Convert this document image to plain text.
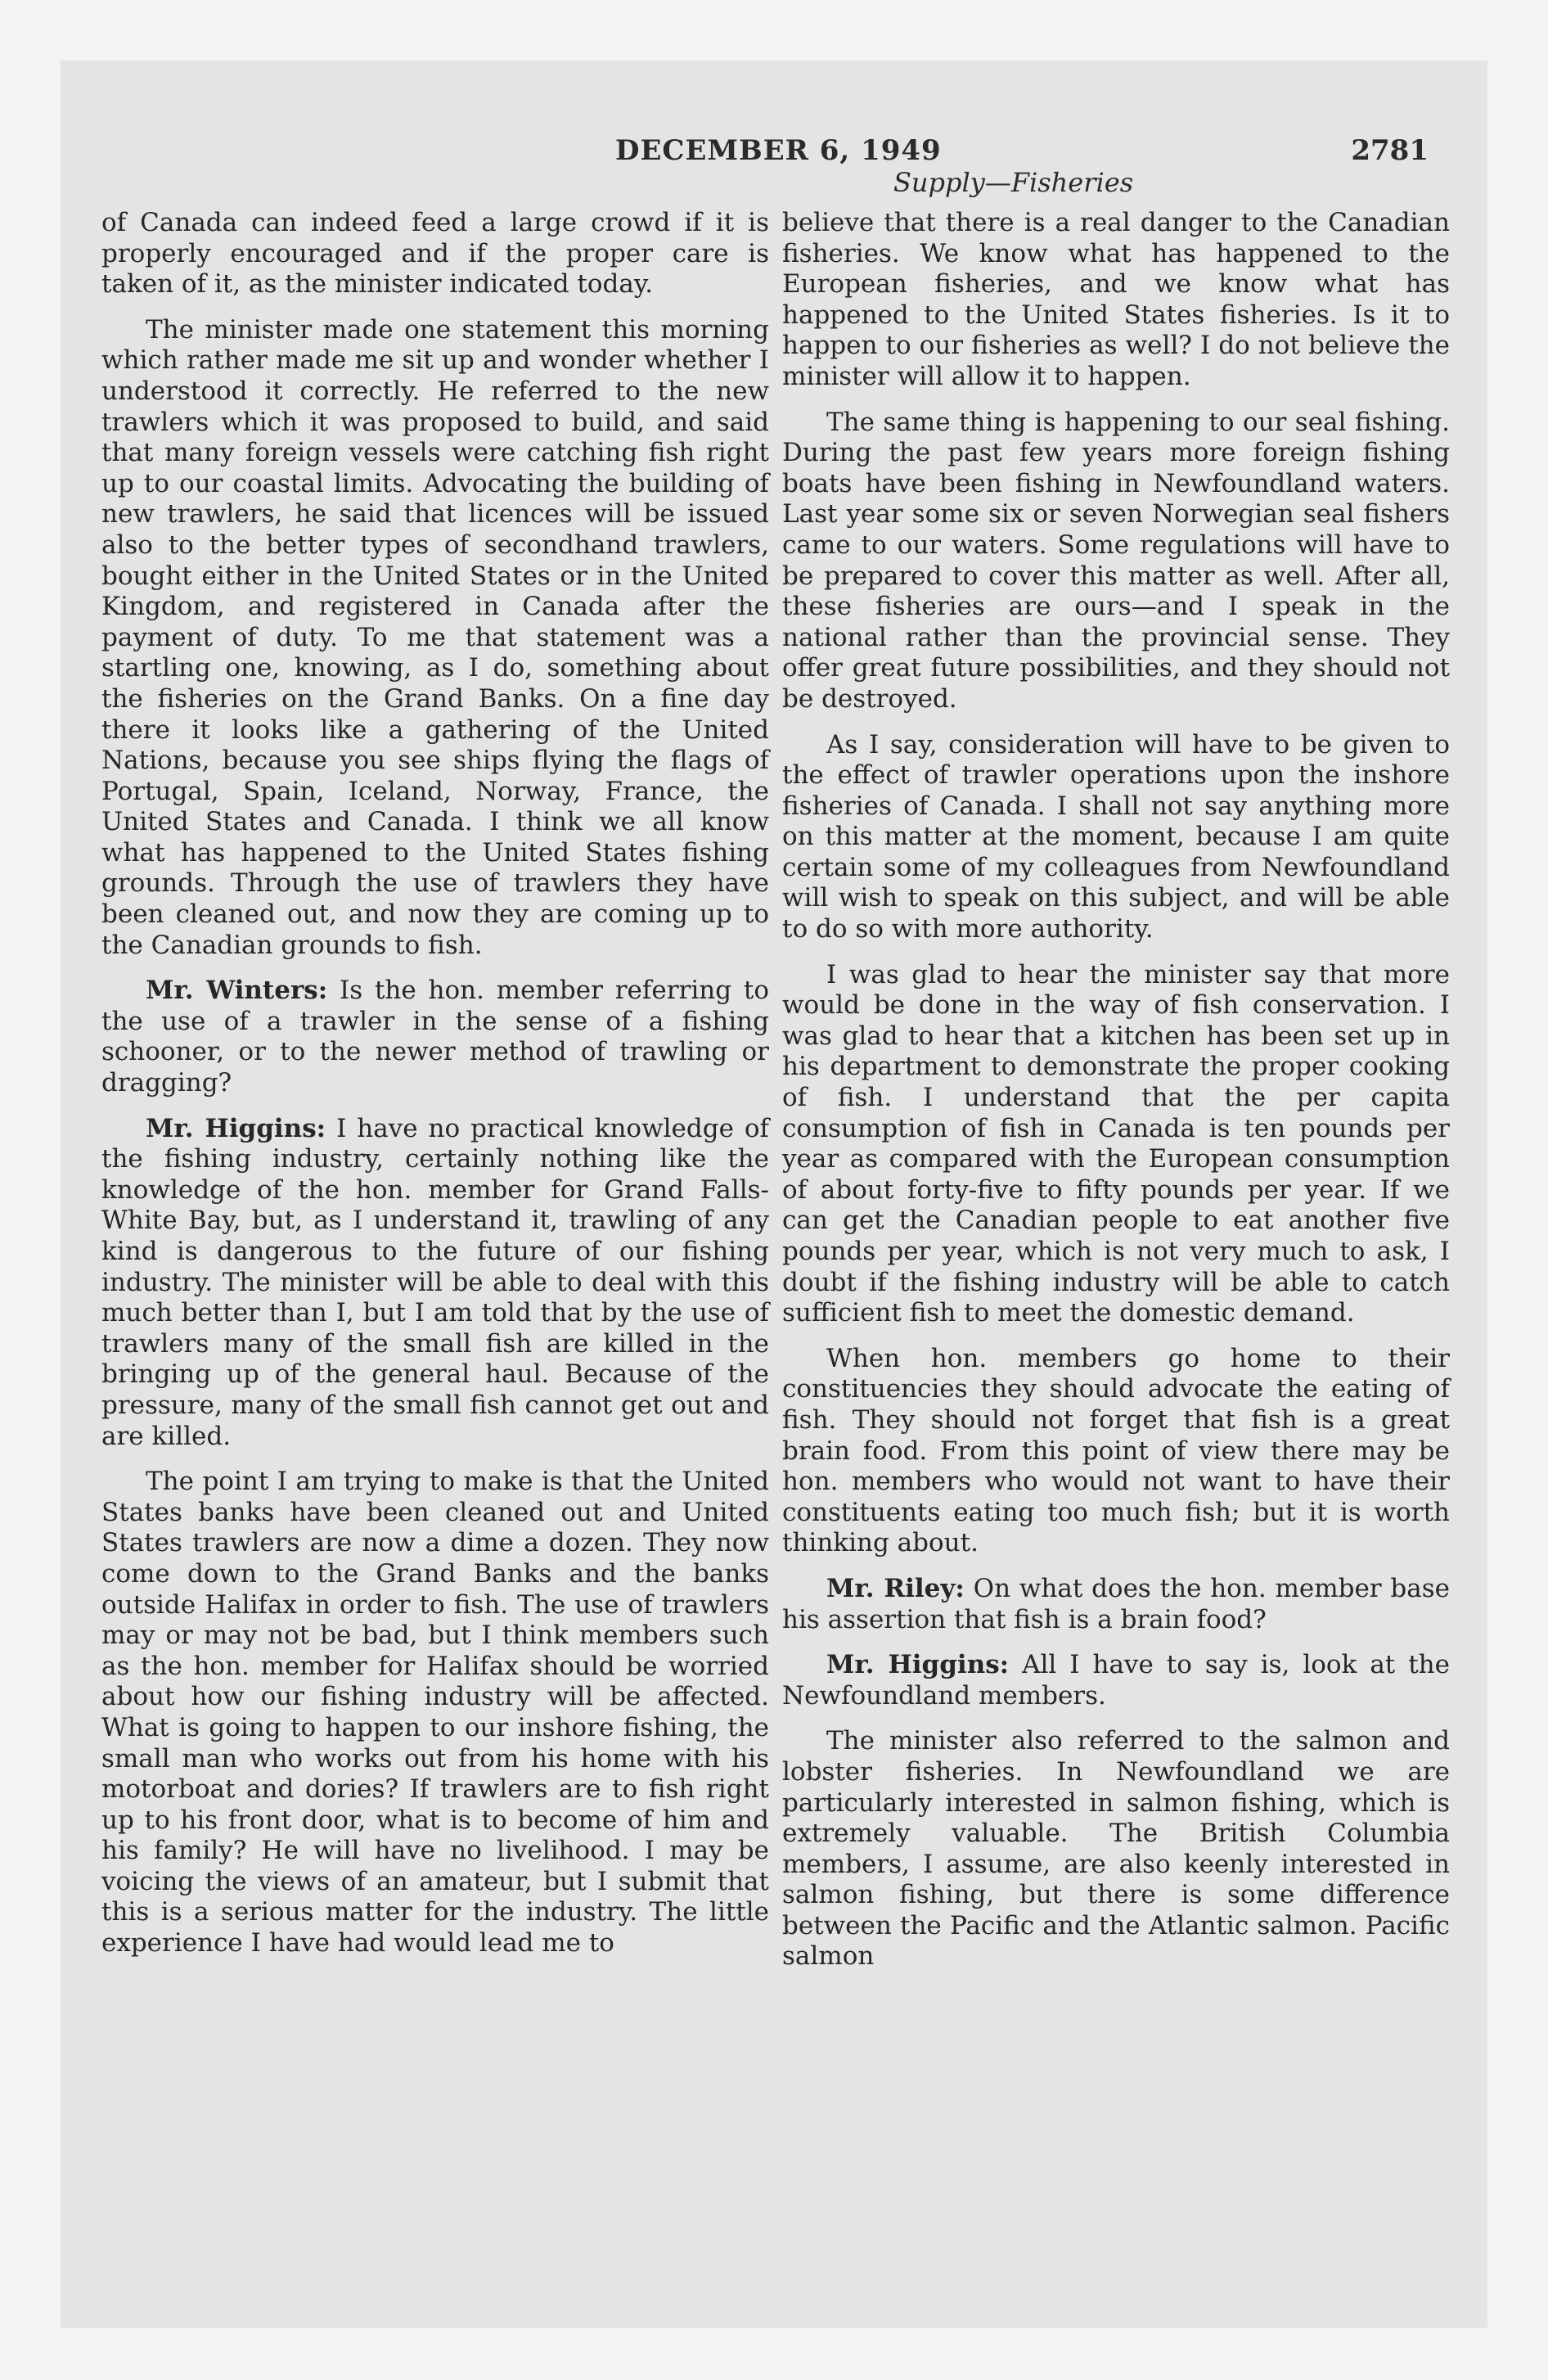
DECEMBER 6, 1949	2781
Supply—Fisheries

of Canada can indeed feed a large crowd if it is properly encouraged and if the proper care is taken of it, as the minister indicated today.

The minister made one statement this morning which rather made me sit up and wonder whether I understood it correctly. He referred to the new trawlers which it was proposed to build, and said that many foreign vessels were catching fish right up to our coastal limits. Advocating the building of new trawlers, he said that licences will be issued also to the better types of secondhand trawlers, bought either in the United States or in the United Kingdom, and registered in Canada after the payment of duty. To me that statement was a startling one, knowing, as I do, something about the fisheries on the Grand Banks. On a fine day there it looks like a gathering of the United Nations, because you see ships flying the flags of Portugal, Spain, Iceland, Norway, France, the United States and Canada. I think we all know what has happened to the United States fishing grounds. Through the use of trawlers they have been cleaned out, and now they are coming up to the Canadian grounds to fish.

Mr. Winters: Is the hon. member referring to the use of a trawler in the sense of a fishing schooner, or to the newer method of trawling or dragging?

Mr. Higgins: I have no practical knowledge of the fishing industry, certainly nothing like the knowledge of the hon. member for Grand Falls-White Bay, but, as I understand it, trawling of any kind is dangerous to the future of our fishing industry. The minister will be able to deal with this much better than I, but I am told that by the use of trawlers many of the small fish are killed in the bringing up of the general haul. Because of the pressure, many of the small fish cannot get out and are killed.

The point I am trying to make is that the United States banks have been cleaned out and United States trawlers are now a dime a dozen. They now come down to the Grand Banks and the banks outside Halifax in order to fish. The use of trawlers may or may not be bad, but I think members such as the hon. member for Halifax should be worried about how our fishing industry will be affected. What is going to happen to our inshore fishing, the small man who works out from his home with his motorboat and dories? If trawlers are to fish right up to his front door, what is to become of him and his family? He will have no livelihood. I may be voicing the views of an amateur, but I submit that this is a serious matter for the industry. The little experience I have had would lead me to

believe that there is a real danger to the Canadian fisheries. We know what has happened to the European fisheries, and we know what has happened to the United States fisheries. Is it to happen to our fisheries as well? I do not believe the minister will allow it to happen.

The same thing is happening to our seal fishing. During the past few years more foreign fishing boats have been fishing in Newfoundland waters. Last year some six or seven Norwegian seal fishers came to our waters. Some regulations will have to be prepared to cover this matter as well. After all, these fisheries are ours—and I speak in the national rather than the provincial sense. They offer great future possibilities, and they should not be destroyed.

As I say, consideration will have to be given to the effect of trawler operations upon the inshore fisheries of Canada. I shall not say anything more on this matter at the moment, because I am quite certain some of my colleagues from Newfoundland will wish to speak on this subject, and will be able to do so with more authority.

I was glad to hear the minister say that more would be done in the way of fish conservation. I was glad to hear that a kitchen has been set up in his department to demonstrate the proper cooking of fish. I understand that the per capita consumption of fish in Canada is ten pounds per year as compared with the European consumption of about forty-five to fifty pounds per year. If we can get the Canadian people to eat another five pounds per year, which is not very much to ask, I doubt if the fishing industry will be able to catch sufficient fish to meet the domestic demand.

When hon. members go home to their constituencies they should advocate the eating of fish. They should not forget that fish is a great brain food. From this point of view there may be hon. members who would not want to have their constituents eating too much fish; but it is worth thinking about.

Mr. Riley: On what does the hon. member base his assertion that fish is a brain food?

Mr. Higgins: All I have to say is, look at the Newfoundland members.

The minister also referred to the salmon and lobster fisheries. In Newfoundland we are particularly interested in salmon fishing, which is extremely valuable. The British Columbia members, I assume, are also keenly interested in salmon fishing, but there is some difference between the Pacific and the Atlantic salmon. Pacific salmon
